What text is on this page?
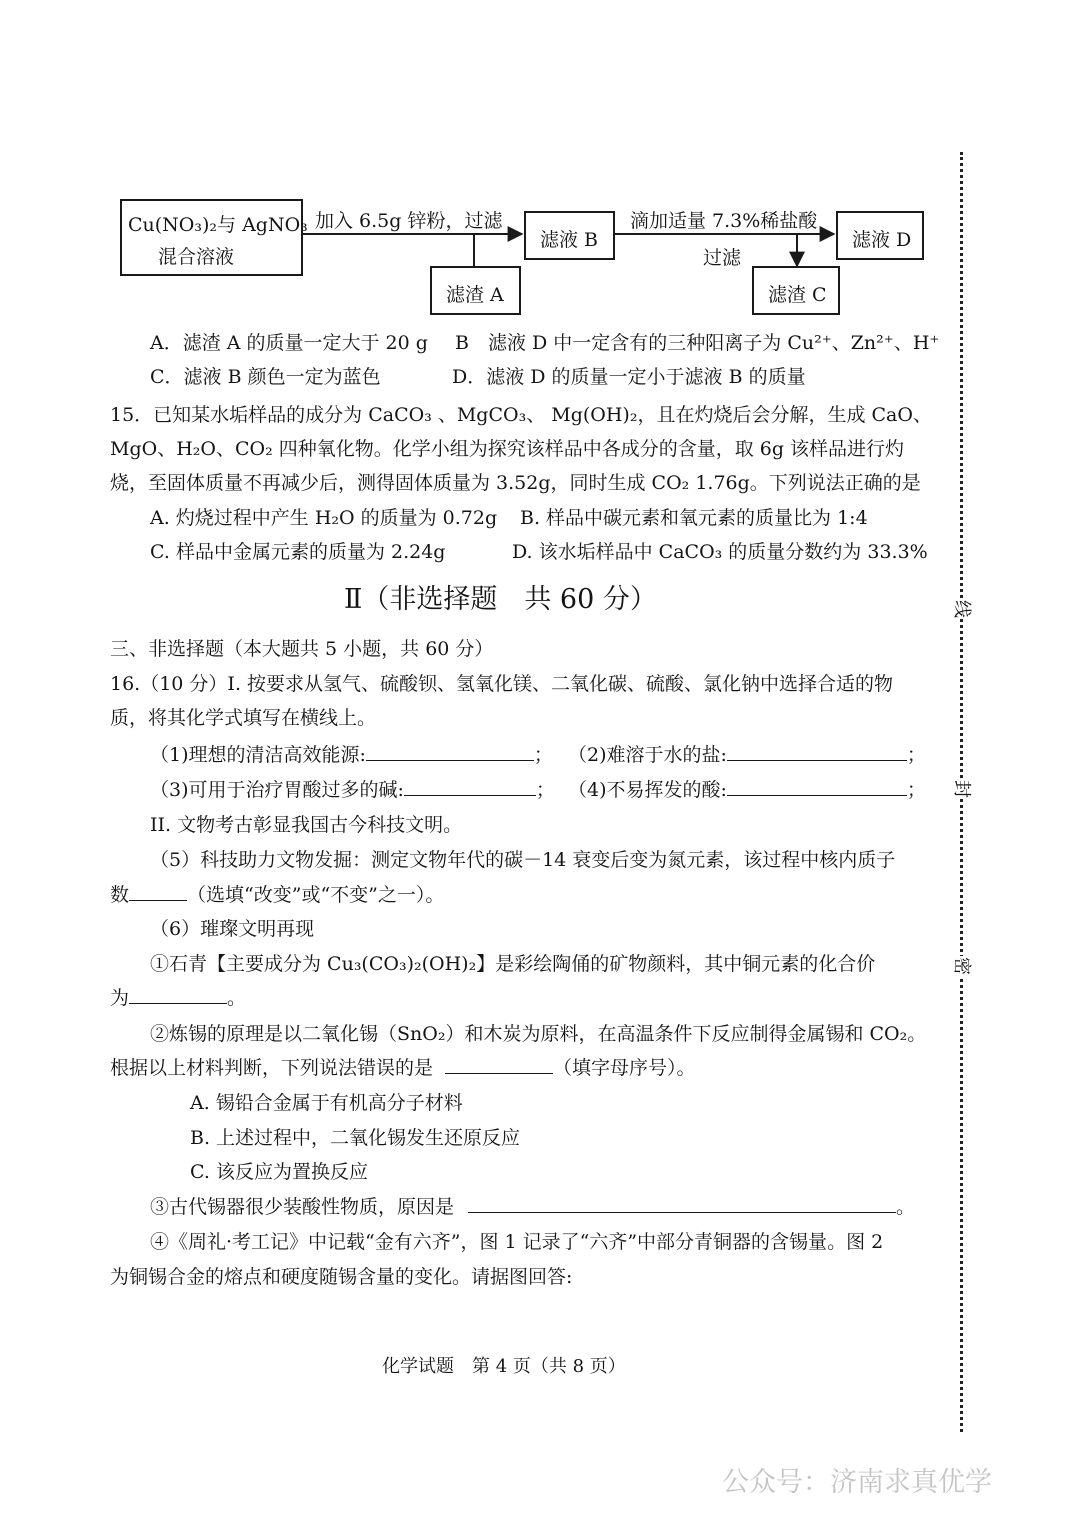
Cu(NO₃)₂与 AgNO₃
混合溶液
加入 6.5g 锌粉，过滤
滤液 B
滤渣 A
滴加适量 7.3%稀盐酸
过滤
滤液 D
滤渣 C
A．滤渣 A 的质量一定大于 20 g B　滤液 D 中一定含有的三种阳离子为 Cu²⁺、Zn²⁺、H⁺
C．滤液 B 颜色一定为蓝色	D．滤液 D 的质量一定小于滤液 B 的质量
15．已知某水垢样品的成分为 CaCO₃ 、MgCO₃、 Mg(OH)₂，且在灼烧后会分解，生成 CaO、
MgO、H₂O、CO₂ 四种氧化物。化学小组为探究该样品中各成分的含量，取 6g 该样品进行灼
烧，至固体质量不再减少后，测得固体质量为 3.52g，同时生成 CO₂ 1.76g。下列说法正确的是
A. 灼烧过程中产生 H₂O 的质量为 0.72g B. 样品中碳元素和氧元素的质量比为 1:4
C. 样品中金属元素的质量为 2.24g	D. 该水垢样品中 CaCO₃ 的质量分数约为 33.3%
Ⅱ（非选择题　共 60 分）
三、非选择题（本大题共 5 小题，共 60 分）
16.（10 分）I. 按要求从氢气、硫酸钡、氢氧化镁、二氧化碳、硫酸、氯化钠中选择合适的物
质，将其化学式填写在横线上。
（1)理想的清洁高效能源:	； （2)难溶于水的盐:	；
（3)可用于治疗胃酸过多的碱:	； （4)不易挥发的酸:	；
II. 文物考古彰显我国古今科技文明。
（5）科技助力文物发掘：测定文物年代的碳－14 衰变后变为氮元素，该过程中核内质子
数	（选填“改变”或“不变”之一）。
（6）璀璨文明再现
①石青【主要成分为 Cu₃(CO₃)₂(OH)₂】是彩绘陶俑的矿物颜料，其中铜元素的化合价
为	。
②炼锡的原理是以二氧化锡（SnO₂）和木炭为原料，在高温条件下反应制得金属锡和 CO₂。
根据以上材料判断，下列说法错误的是	（填字母序号）。
A. 锡铅合金属于有机高分子材料
B. 上述过程中，二氧化锡发生还原反应
C. 该反应为置换反应
③古代锡器很少装酸性物质，原因是	。
④《周礼·考工记》中记载“金有六齐”，图 1 记录了“六齐”中部分青铜器的含锡量。图 2
为铜锡合金的熔点和硬度随锡含量的变化。请据图回答:
化学试题　第 4 页（共 8 页）
线
封
密
公众号：济南求真优学
